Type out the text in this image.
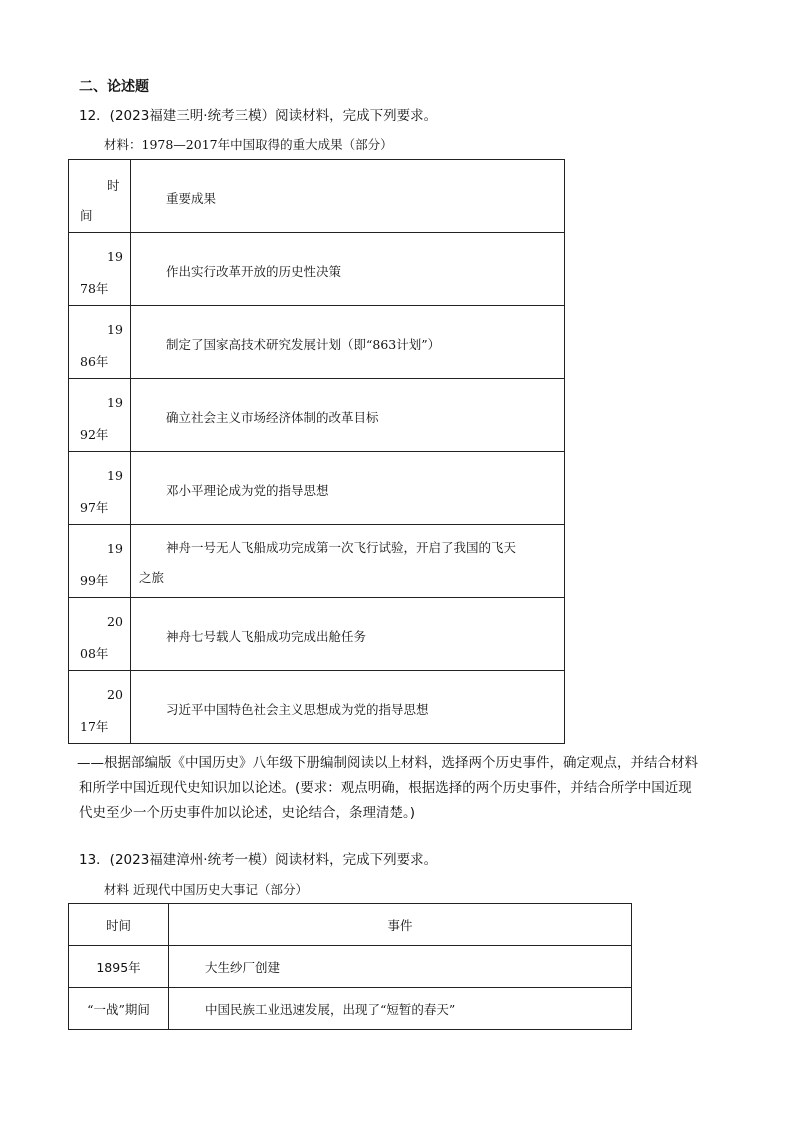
二、论述题
12．(2023福建三明·统考三模）阅读材料，完成下列要求。
材料：1978—2017年中国取得的重大成果（部分）
时
间	重要成果

19
78年	作出实行改革开放的历史性决策

19
86年	制定了国家高技术研究发展计划（即“863计划”）

19
92年	确立社会主义市场经济体制的改革目标

19
97年	邓小平理论成为党的指导思想

19
99年	神舟一号无人飞船成功完成第一次飞行试验，开启了我国的飞天
之旅

20
08年	神舟七号载人飞船成功完成出舱任务

20
17年	习近平中国特色社会主义思想成为党的指导思想
——根据部编版《中国历史》八年级下册编制阅读以上材料，选择两个历史事件，确定观点，并结合材料
和所学中国近现代史知识加以论述。(要求：观点明确，根据选择的两个历史事件，并结合所学中国近现
代史至少一个历史事件加以论述，史论结合，条理清楚。)
13．(2023福建漳州·统考一模）阅读材料，完成下列要求。
材料 近现代中国历史大事记（部分）
时间	事件
1895年	大生纱厂创建
“一战”期间	中国民族工业迅速发展，出现了“短暂的春天”
